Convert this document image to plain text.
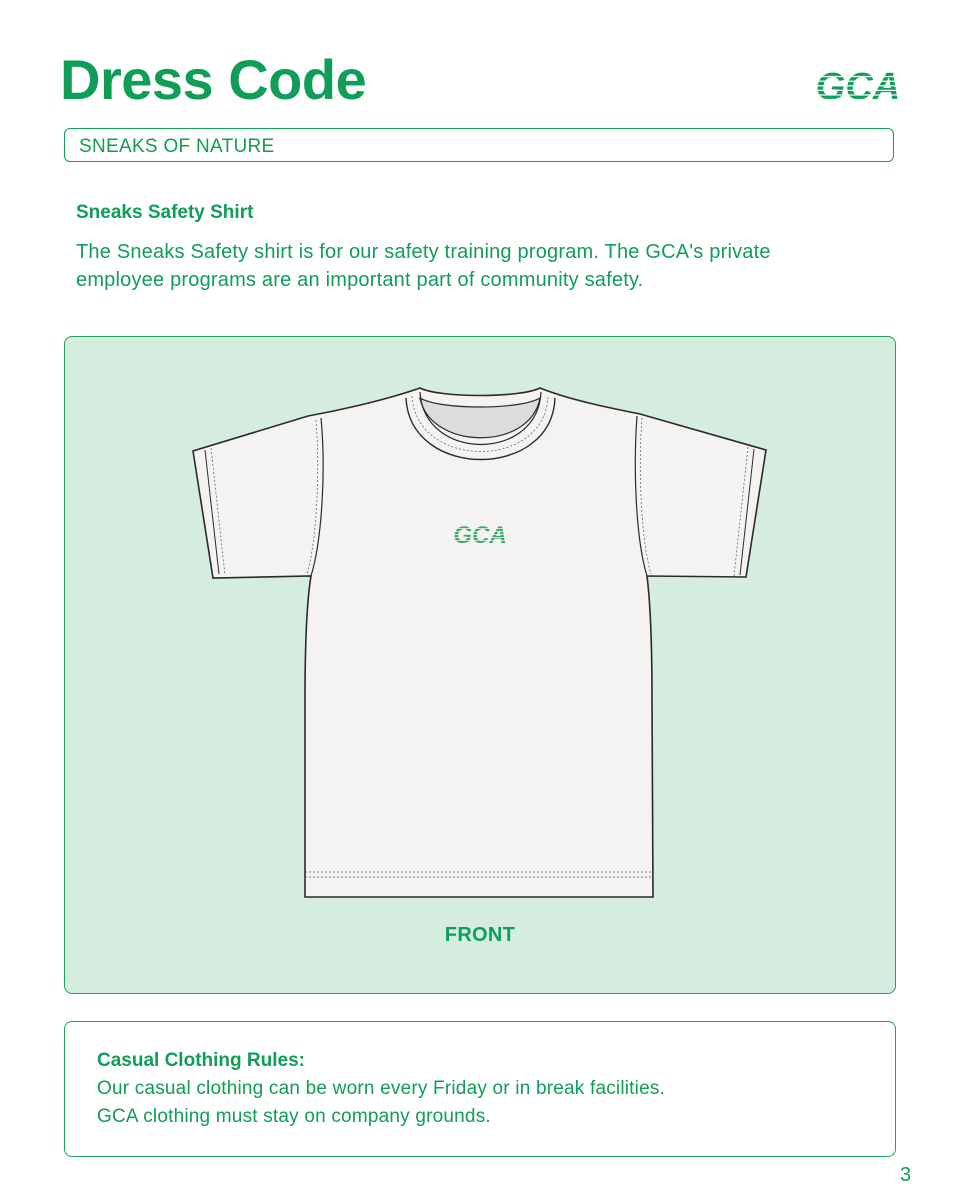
Dress Code	GCA
SNEAKS OF NATURE
Sneaks Safety Shirt
The Sneaks Safety shirt is for our safety training program. The GCA's private employee programs are an important part of community safety.
GCA
FRONT
Casual Clothing Rules:
Our casual clothing can be worn every Friday or in break facilities.
GCA clothing must stay on company grounds.
3
